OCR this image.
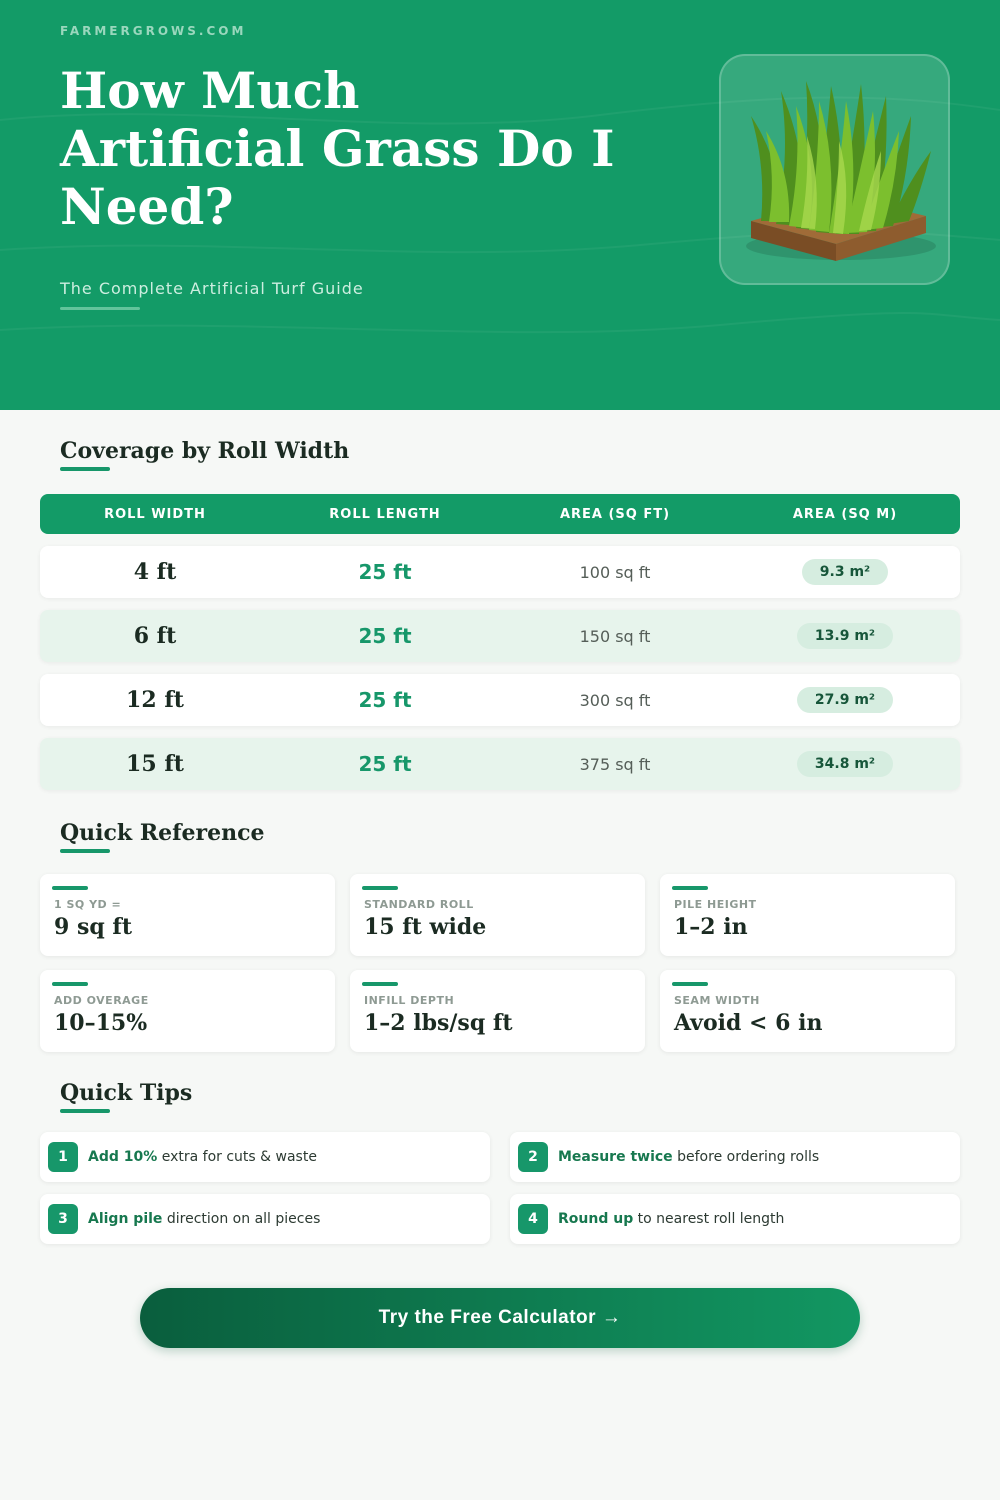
FARMERGROWS.COM
How Much Artificial Grass Do I Need?
The Complete Artificial Turf Guide
Coverage by Roll Width
ROLL WIDTH	ROLL LENGTH	AREA (SQ FT)	AREA (SQ M)
4 ft	25 ft	100 sq ft	9.3 m²
6 ft	25 ft	150 sq ft	13.9 m²
12 ft	25 ft	300 sq ft	27.9 m²
15 ft	25 ft	375 sq ft	34.8 m²
Quick Reference
1 SQ YD =
9 sq ft
STANDARD ROLL
15 ft wide
PILE HEIGHT
1–2 in
ADD OVERAGE
10–15%
INFILL DEPTH
1–2 lbs/sq ft
SEAM WIDTH
Avoid < 6 in
Quick Tips
1	Add 10% extra for cuts & waste	2	Measure twice before ordering rolls
3	Align pile direction on all pieces	4	Round up to nearest roll length
Try the Free Calculator →
